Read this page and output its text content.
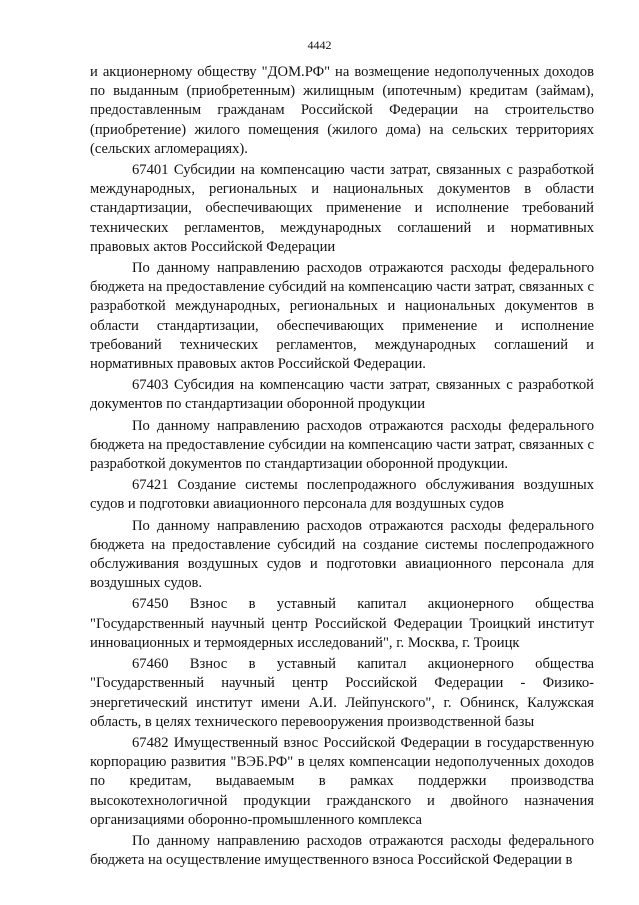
4442

и акционерному обществу "ДОМ.РФ" на возмещение недополученных доходов по выданным (приобретенным) жилищным (ипотечным) кредитам (займам), предоставленным гражданам Российской Федерации на строительство (приобретение) жилого помещения (жилого дома) на сельских территориях (сельских агломерациях).

67401 Субсидии на компенсацию части затрат, связанных с разработкой международных, региональных и национальных документов в области стандартизации, обеспечивающих применение и исполнение требований технических регламентов, международных соглашений и нормативных правовых актов Российской Федерации

По данному направлению расходов отражаются расходы федерального бюджета на предоставление субсидий на компенсацию части затрат, связанных с разработкой международных, региональных и национальных документов в области стандартизации, обеспечивающих применение и исполнение требований технических регламентов, международных соглашений и нормативных правовых актов Российской Федерации.

67403 Субсидия на компенсацию части затрат, связанных с разработкой документов по стандартизации оборонной продукции

По данному направлению расходов отражаются расходы федерального бюджета на предоставление субсидии на компенсацию части затрат, связанных с разработкой документов по стандартизации оборонной продукции.

67421 Создание системы послепродажного обслуживания воздушных судов и подготовки авиационного персонала для воздушных судов

По данному направлению расходов отражаются расходы федерального бюджета на предоставление субсидий на создание системы послепродажного обслуживания воздушных судов и подготовки авиационного персонала для воздушных судов.

67450 Взнос в уставный капитал акционерного общества "Государственный научный центр Российской Федерации Троицкий институт инновационных и термоядерных исследований", г. Москва, г. Троицк

67460 Взнос в уставный капитал акционерного общества "Государственный научный центр Российской Федерации - Физико-энергетический институт имени А.И. Лейпунского", г. Обнинск, Калужская область, в целях технического перевооружения производственной базы

67482 Имущественный взнос Российской Федерации в государственную корпорацию развития "ВЭБ.РФ" в целях компенсации недополученных доходов по кредитам, выдаваемым в рамках поддержки производства высокотехнологичной продукции гражданского и двойного назначения организациями оборонно-промышленного комплекса

По данному направлению расходов отражаются расходы федерального бюджета на осуществление имущественного взноса Российской Федерации в
